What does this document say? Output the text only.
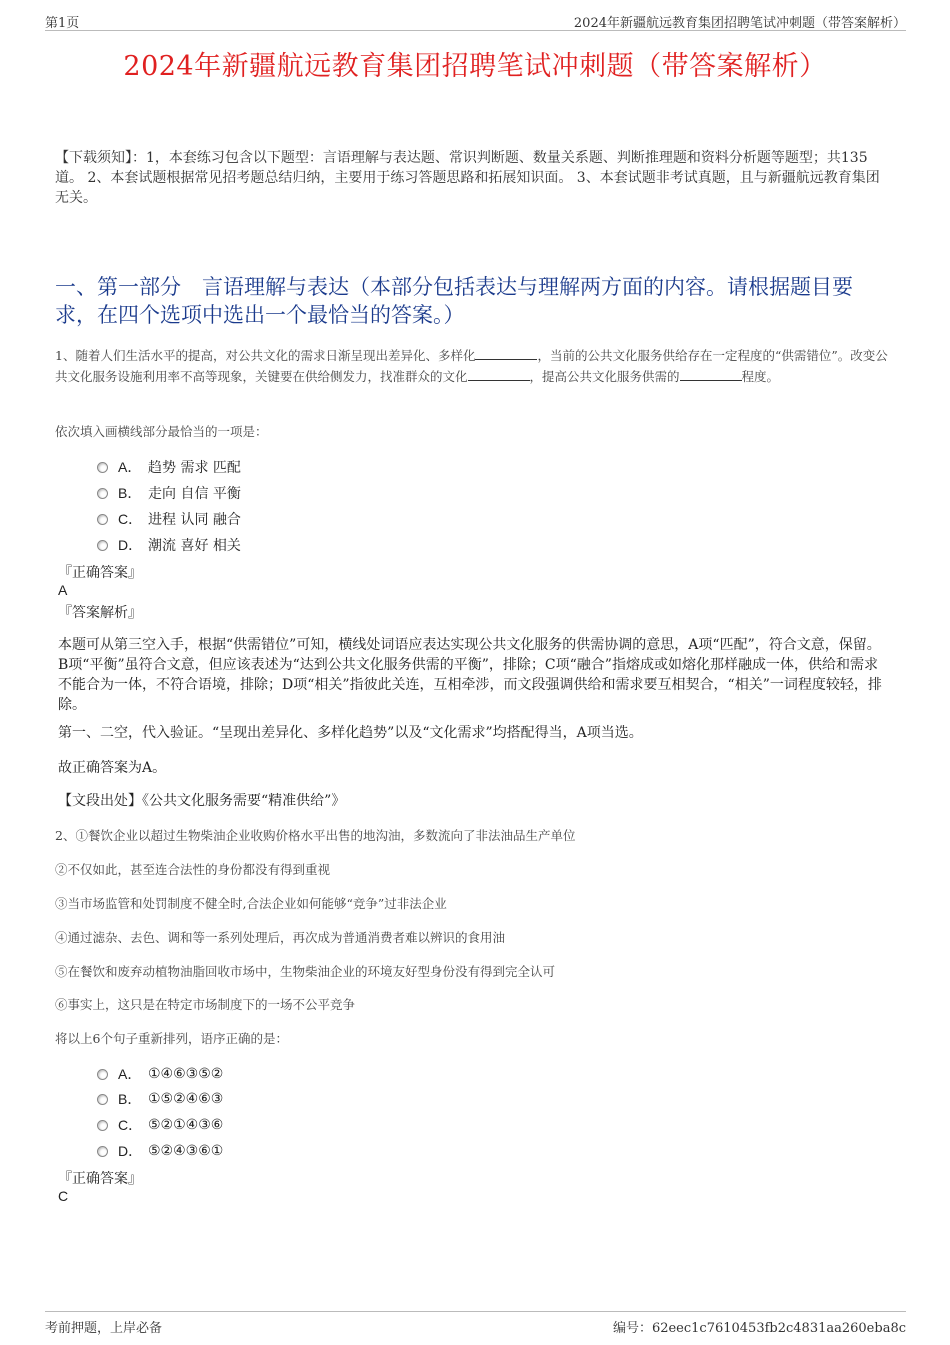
第1页	2024年新疆航远教育集团招聘笔试冲刺题（带答案解析）
2024年新疆航远教育集团招聘笔试冲刺题（带答案解析）
【下载须知】：1，本套练习包含以下题型：言语理解与表达题、常识判断题、数量关系题、判断推理题和资料分析题等题型；共135道。 2、本套试题根据常见招考题总结归纳，主要用于练习答题思路和拓展知识面。 3、本套试题非考试真题，且与新疆航远教育集团无关。
一、第一部分　言语理解与表达（本部分包括表达与理解两方面的内容。请根据题目要求，在四个选项中选出一个最恰当的答案。）
1、随着人们生活水平的提高，对公共文化的需求日渐呈现出差异化、多样化	，当前的公共文化服务供给存在一定程度的“供需错位”。改变公共文化服务设施利用率不高等现象，关键要在供给侧发力，找准群众的文化	，提高公共文化服务供需的	程度。
依次填入画横线部分最恰当的一项是：
A． 趋势 需求 匹配
B． 走向 自信 平衡
C． 进程 认同 融合
D． 潮流 喜好 相关
『正确答案』
A
『答案解析』
本题可从第三空入手，根据“供需错位”可知，横线处词语应表达实现公共文化服务的供需协调的意思，A项“匹配”，符合文意，保留。B项“平衡”虽符合文意，但应该表述为“达到公共文化服务供需的平衡”，排除；C项“融合”指熔成或如熔化那样融成一体，供给和需求不能合为一体，不符合语境，排除；D项“相关”指彼此关连，互相牵涉，而文段强调供给和需求要互相契合，“相关”一词程度较轻，排除。
第一、二空，代入验证。“呈现出差异化、多样化趋势”以及“文化需求”均搭配得当，A项当选。
故正确答案为A。
【文段出处】《公共文化服务需要“精准供给”》
2、①餐饮企业以超过生物柴油企业收购价格水平出售的地沟油，多数流向了非法油品生产单位
②不仅如此，甚至连合法性的身份都没有得到重视
③当市场监管和处罚制度不健全时,合法企业如何能够“竞争”过非法企业
④通过滤杂、去色、调和等一系列处理后，再次成为普通消费者难以辨识的食用油
⑤在餐饮和废弃动植物油脂回收市场中，生物柴油企业的环境友好型身份没有得到完全认可
⑥事实上，这只是在特定市场制度下的一场不公平竞争
将以上6个句子重新排列，语序正确的是：
A． ①④⑥③⑤②
B． ①⑤②④⑥③
C． ⑤②①④③⑥
D． ⑤②④③⑥①
『正确答案』
C
考前押题，上岸必备	编号：62eec1c7610453fb2c4831aa260eba8c
